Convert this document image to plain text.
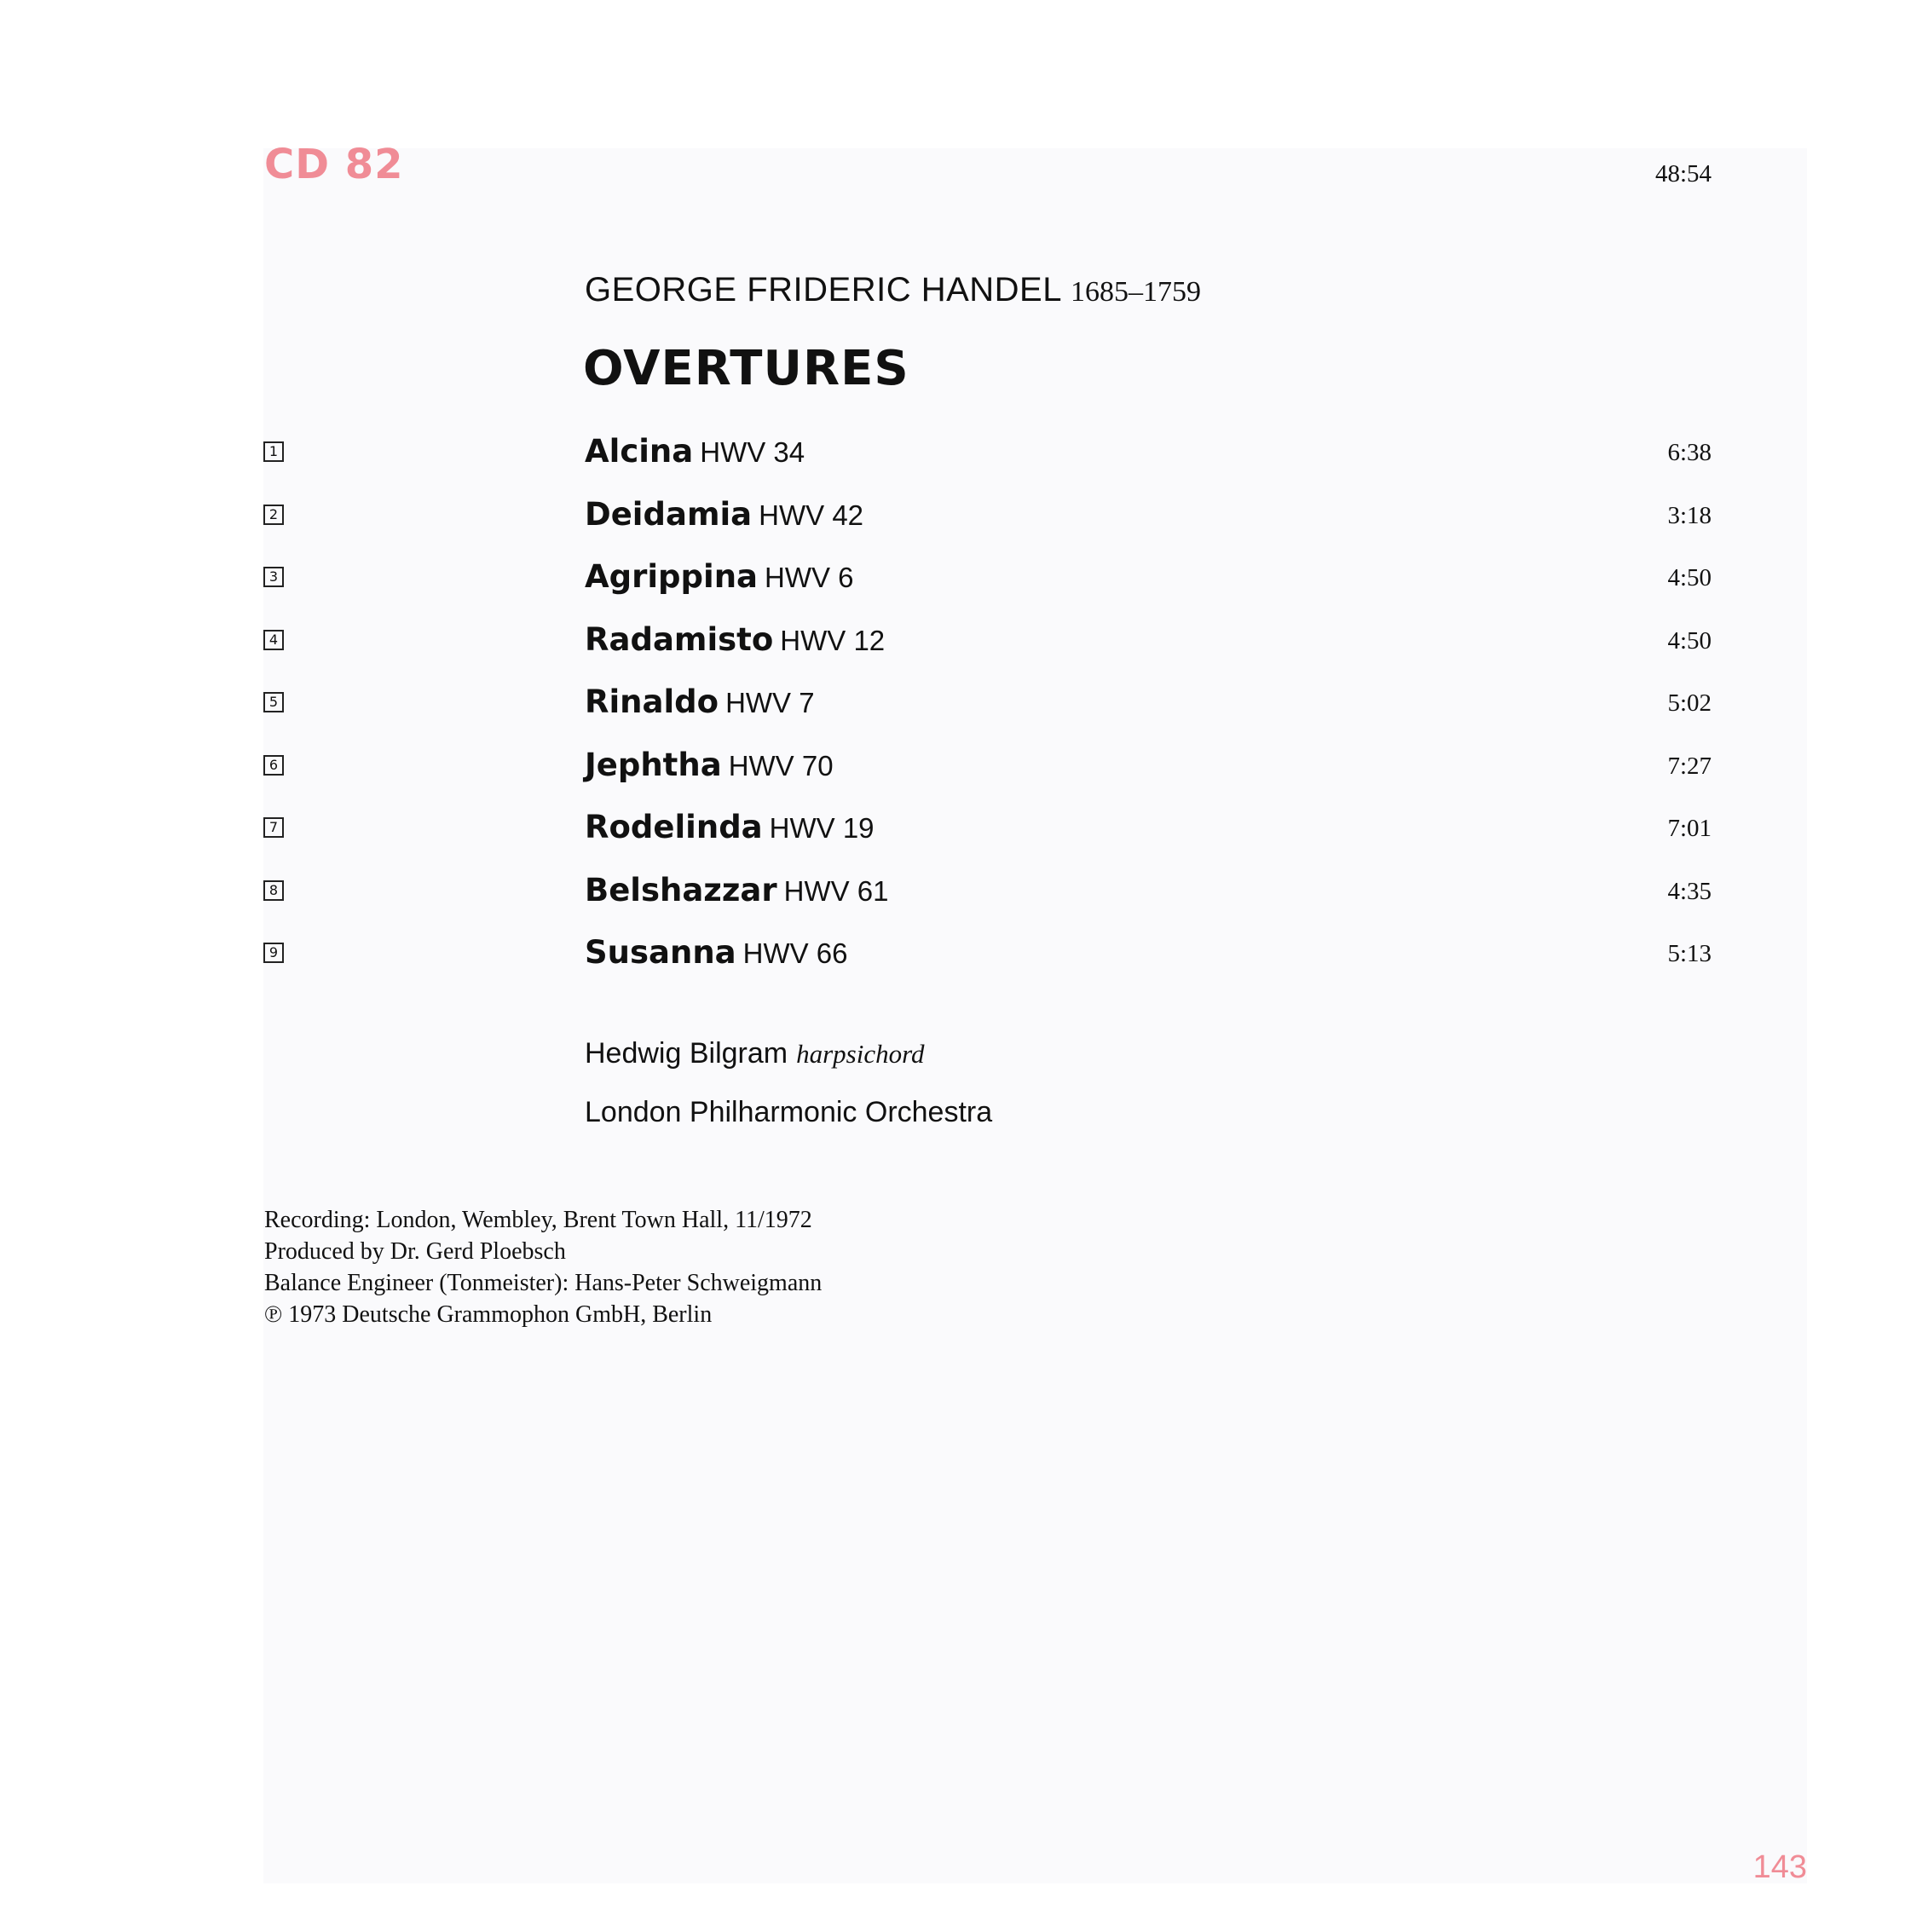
CD 82	48:54
GEORGE FRIDERIC HANDEL 1685–1759
OVERTURES
1	Alcina HWV 34	6:38
2	Deidamia HWV 42	3:18
3	Agrippina HWV 6	4:50
4	Radamisto HWV 12	4:50
5	Rinaldo HWV 7	5:02
6	Jephtha HWV 70	7:27
7	Rodelinda HWV 19	7:01
8	Belshazzar HWV 61	4:35
9	Susanna HWV 66	5:13
Hedwig Bilgram harpsichord
London Philharmonic Orchestra
Recording: London, Wembley, Brent Town Hall, 11/1972
Produced by Dr. Gerd Ploebsch
Balance Engineer (Tonmeister): Hans-Peter Schweigmann
℗ 1973 Deutsche Grammophon GmbH, Berlin
143
